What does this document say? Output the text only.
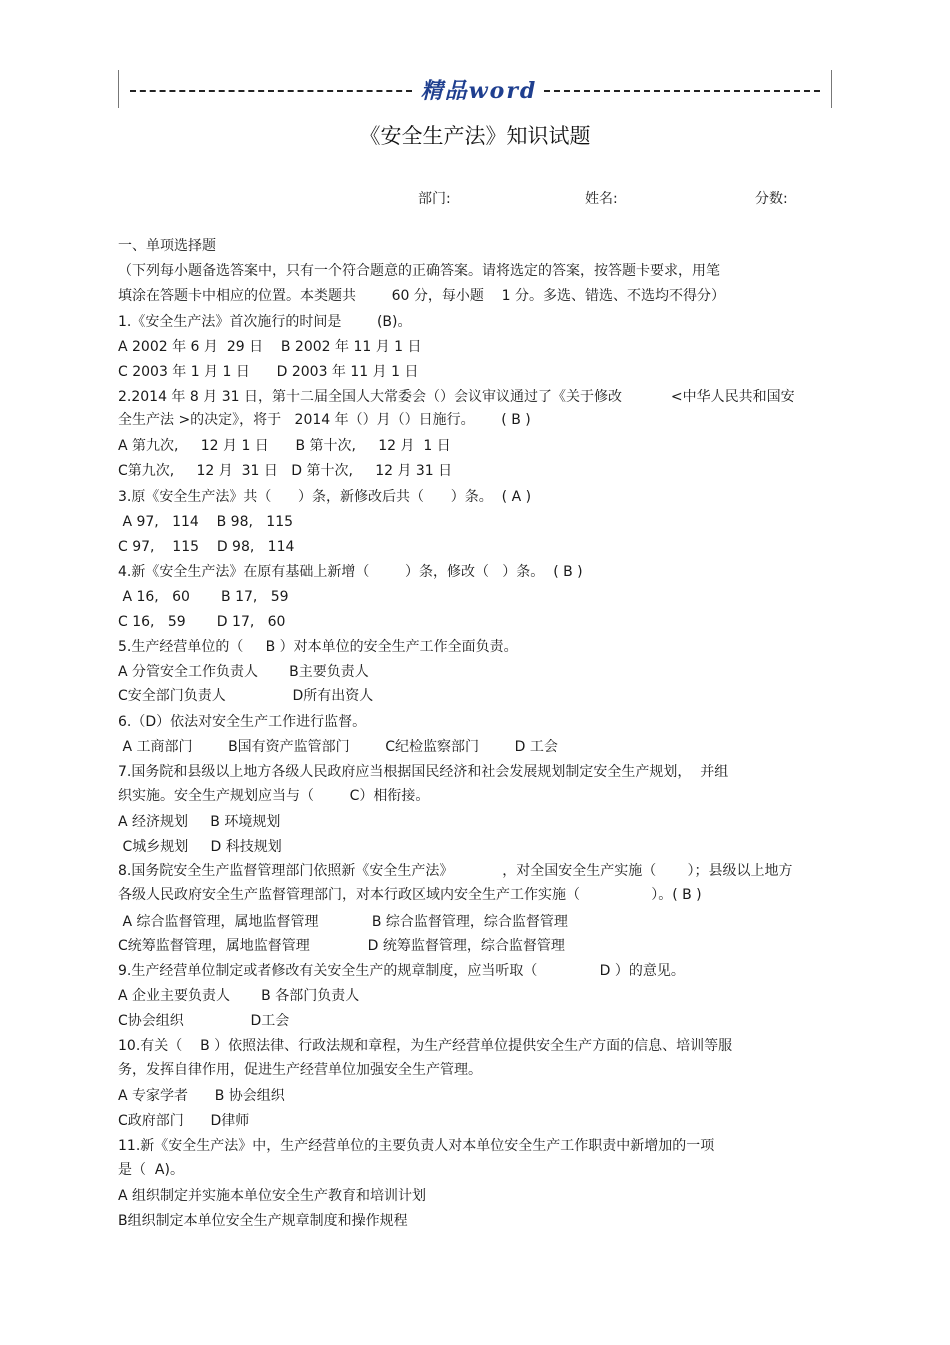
精品word
《安全生产法》知识试题
部门:	姓名:	分数:
一、单项选择题
（下列每小题备选答案中，只有一个符合题意的正确答案。请将选定的答案，按答题卡要求，用笔
填涂在答题卡中相应的位置。本类题共        60 分，每小题    1 分。多选、错选、不选均不得分）
1.《安全生产法》首次施行的时间是        (B)。
A 2002 年 6 月  29 日    B 2002 年 11 月 1 日
C 2003 年 1 月 1 日      D 2003 年 11 月 1 日
2.2014 年 8 月 31 日，第十二届全国人大常委会（）会议审议通过了《关于修改           <中华人民共和国安
全生产法 >的决定》，将于   2014 年（）月（）日施行。      ( B )
A 第九次,     12 月 1 日      B 第十次,     12 月  1 日
C第九次,     12 月  31 日   D 第十次,     12 月 31 日
3.原《安全生产法》共（      ）条，新修改后共（      ）条。  ( A )
A 97,   114    B 98,   115
C 97,    115    D 98,   114
4.新《安全生产法》在原有基础上新增（        ）条，修改（   ）条。  ( B )
A 16,   60       B 17,   59
C 16,   59       D 17,   60
5.生产经营单位的（     B ）对本单位的安全生产工作全面负责。
A 分管安全工作负责人       B主要负责人
C安全部门负责人               D所有出资人
6.（D）依法对安全生产工作进行监督。
A 工商部门        B国有资产监管部门        C纪检监察部门        D 工会
7.国务院和县级以上地方各级人民政府应当根据国民经济和社会发展规划制定安全生产规划，  并组
织实施。安全生产规划应当与（        C）相衔接。
A 经济规划     B 环境规划
C城乡规划     D 科技规划
8.国务院安全生产监督管理部门依照新《安全生产法》           ，对全国安全生产实施（       ）；县级以上地方
各级人民政府安全生产监督管理部门，对本行政区域内安全生产工作实施（                ）。( B )
A 综合监督管理，属地监督管理            B 综合监督管理，综合监督管理
C统筹监督管理，属地监督管理             D 统筹监督管理，综合监督管理
9.生产经营单位制定或者修改有关安全生产的规章制度，应当听取（              D ）的意见。
A 企业主要负责人       B 各部门负责人
C协会组织               D工会
10.有关（    B ）依照法律、行政法规和章程，为生产经营单位提供安全生产方面的信息、培训等服
务，发挥自律作用，促进生产经营单位加强安全生产管理。
A 专家学者      B 协会组织
C政府部门      D律师
11.新《安全生产法》中，生产经营单位的主要负责人对本单位安全生产工作职责中新增加的一项
是（  A)。
A 组织制定并实施本单位安全生产教育和培训计划
B组织制定本单位安全生产规章制度和操作规程
